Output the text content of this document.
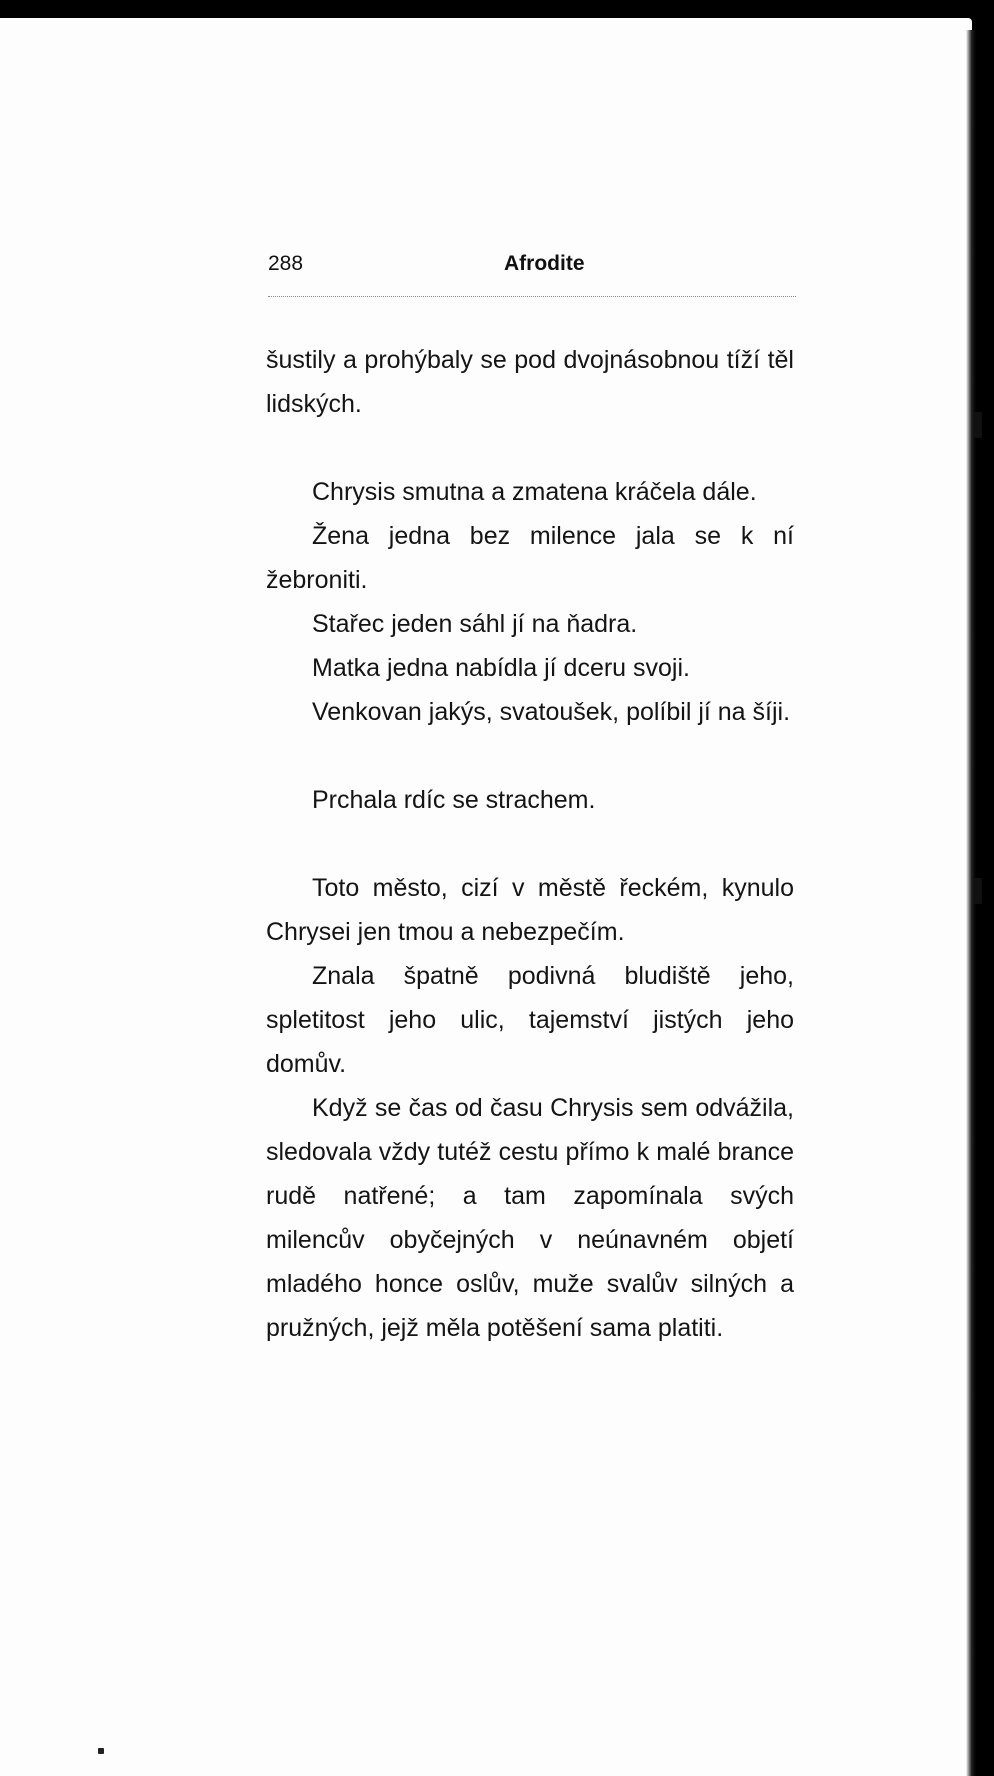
288	Afrodite

šustily a prohýbaly se pod dvojnásobnou tíží těl lidských.

Chrysis smutna a zmatena kráčela dále.

Žena jedna bez milence jala se k ní žebroniti.

Stařec jeden sáhl jí na ňadra.

Matka jedna nabídla jí dceru svoji.

Venkovan jakýs, svatoušek, políbil jí na šíji.

Prchala rdíc se strachem.

Toto město, cizí v městě řeckém, kynulo Chrysei jen tmou a nebezpečím.

Znala špatně podivná bludiště jeho, spletitost jeho ulic, tajemství jistých jeho domův.

Když se čas od času Chrysis sem odvážila, sledovala vždy tutéž cestu přímo k malé brance rudě natřené; a tam zapomínala svých milencův obyčejných v neúnavném objetí mladého honce oslův, muže svalův silných a pružných, jejž měla potěšení sama platiti.
